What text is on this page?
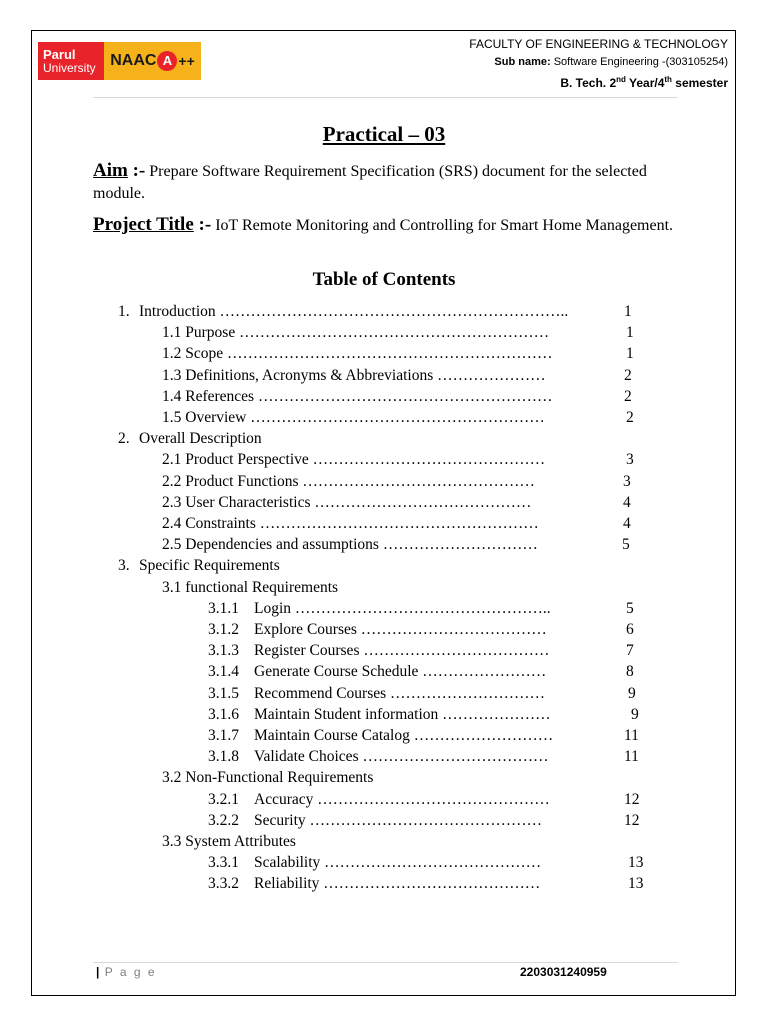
Parul
University NAAC A ++
FACULTY OF ENGINEERING & TECHNOLOGY
Sub name: Software Engineering -(303105254)
B. Tech. 2nd Year/4th semester
Practical – 03
Aim :- Prepare Software Requirement Specification (SRS) document for the selected module.
Project Title :- IoT Remote Monitoring and Controlling for Smart Home Management.
Table of Contents
1. Introduction …………………………………………………………..	1
1.1 Purpose ……………………………………………………	1
1.2 Scope ………………………………………………………	1
1.3 Definitions, Acronyms & Abbreviations …………………	2
1.4 References …………………………………………………	2
1.5 Overview …………………………………………………	2
2. Overall Description
2.1 Product Perspective ………………………………………	3
2.2 Product Functions ………………………………………	3
2.3 User Characteristics ……………………………………	4
2.4 Constraints ………………………………………………	4
2.5 Dependencies and assumptions …………………………	5
3. Specific Requirements
3.1 functional Requirements
3.1.1 Login …………………………………………..	5
3.1.2 Explore Courses ………………………………	6
3.1.3 Register Courses ………………………………	7
3.1.4 Generate Course Schedule ……………………	8
3.1.5 Recommend Courses …………………………	9
3.1.6 Maintain Student information …………………	9
3.1.7 Maintain Course Catalog ………………………	11
3.1.8 Validate Choices ………………………………	11
3.2 Non-Functional Requirements
3.2.1 Accuracy ………………………………………	12
3.2.2 Security ………………………………………	12
3.3 System Attributes
3.3.1 Scalability ……………………………………	13
3.3.2 Reliability ……………………………………	13
| P a g e	2203031240959
